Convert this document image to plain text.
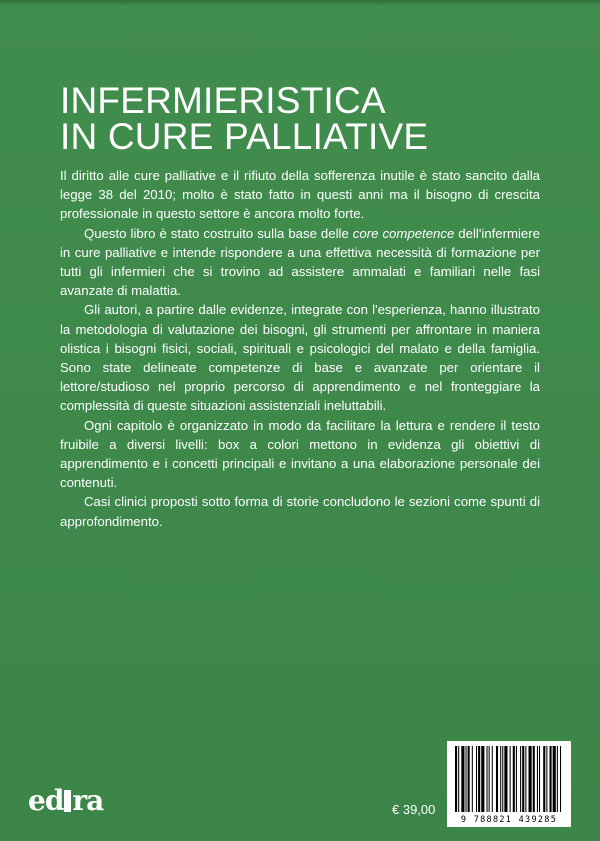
INFERMIERISTICA
IN CURE PALLIATIVE

Il diritto alle cure palliative e il rifiuto della sofferenza inutile è stato sancito dalla legge 38 del 2010; molto è stato fatto in questi anni ma il bisogno di crescita professionale in questo settore è ancora molto forte.

Questo libro è stato costruito sulla base delle core competence dell'infermiere in cure palliative e intende rispondere a una effettiva necessità di formazione per tutti gli infermieri che si trovino ad assistere ammalati e familiari nelle fasi avanzate di malattia.

Gli autori, a partire dalle evidenze, integrate con l'esperienza, hanno illustrato la metodologia di valutazione dei bisogni, gli strumenti per affrontare in maniera olistica i bisogni fisici, sociali, spirituali e psicologici del malato e della famiglia. Sono state delineate competenze di base e avanzate per orientare il lettore/studioso nel proprio percorso di apprendimento e nel fronteggiare la complessità di queste situazioni assistenziali ineluttabili.

Ogni capitolo è organizzato in modo da facilitare la lettura e rendere il testo fruibile a diversi livelli: box a colori mettono in evidenza gli obiettivi di apprendimento e i concetti principali e invitano a una elaborazione personale dei contenuti.

Casi clinici proposti sotto forma di storie concludono le sezioni come spunti di approfondimento.

ed ra	€ 39,00
9 788821 439285
